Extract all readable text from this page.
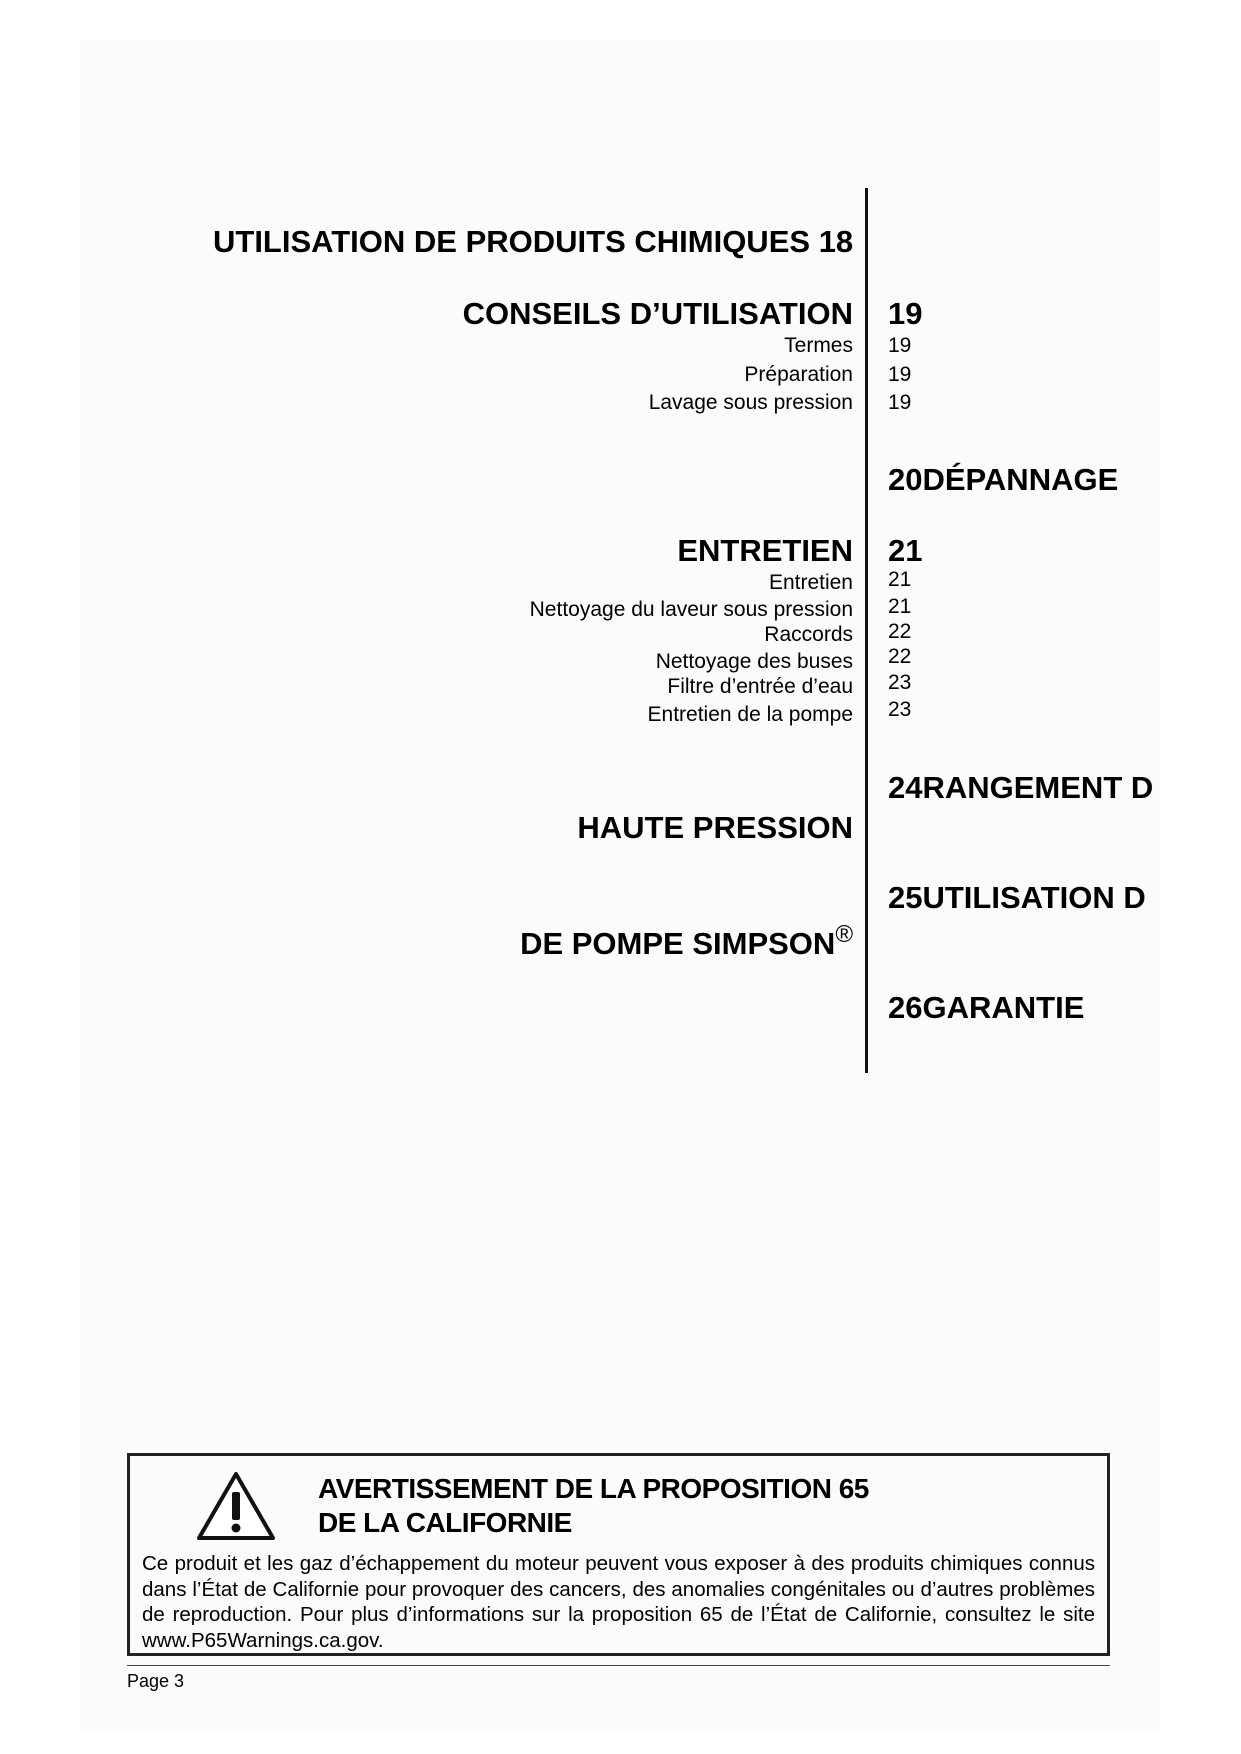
UTILISATION DE PRODUITS CHIMIQUES 18
CONSEILS D’UTILISATION 19
Termes 19
Préparation 19
Lavage sous pression 19
20DÉPANNAGE
ENTRETIEN 21
Entretien 21
Nettoyage du laveur sous pression 21
Raccords 22
Nettoyage des buses 22
Filtre d’entrée d’eau 23
Entretien de la pompe 23
24RANGEMENT D
HAUTE PRESSION
25UTILISATION D
DE POMPE SIMPSON®
26GARANTIE
AVERTISSEMENT DE LA PROPOSITION 65
DE LA CALIFORNIE
Ce produit et les gaz d’échappement du moteur peuvent vous exposer à des produits chimiques connus dans l’État de Californie pour provoquer des cancers, des anomalies congénitales ou d’autres problèmes de reproduction. Pour plus d’informations sur la proposition 65 de l’État de Californie, consultez le site www.P65Warnings.ca.gov.
Page 3
